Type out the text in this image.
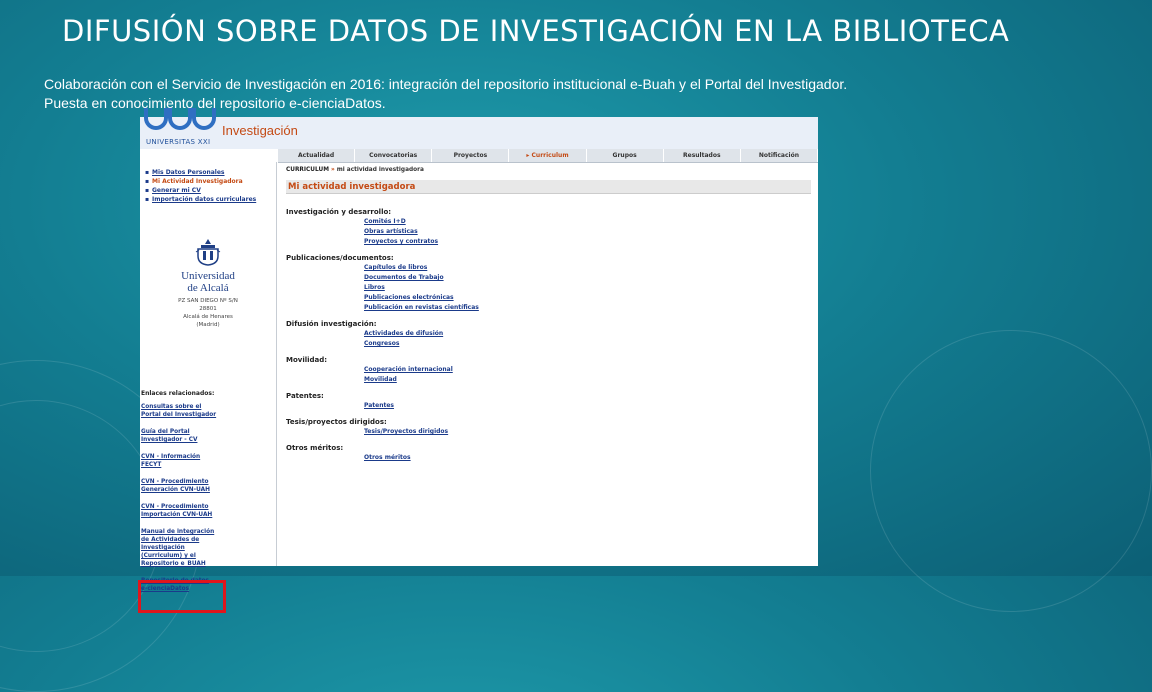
DIFUSIÓN SOBRE DATOS DE INVESTIGACIÓN EN LA BIBLIOTECA

Colaboración con el Servicio de Investigación en 2016: integración del repositorio institucional e-Buah y el Portal del Investigador. Puesta en conocimiento del repositorio e-cienciaDatos.

UNIVERSITAS XXI
Investigación
Actualidad	Convocatorias	Proyectos	▸ Curriculum	Grupos	Resultados	Notificación
▪ Mis Datos Personales
▪ Mi Actividad Investigadora
▪ Generar mi CV
▪ Importación datos curriculares
Universidad
de Alcalá
PZ SAN DIEGO Nº S/N
28801
Alcalá de Henares
(Madrid)
Enlaces relacionados:
Consultas sobre el
Portal del Investigador
Guía del Portal
Investigador - CV
CVN - Información
FECYT
CVN - Procedimiento
Generación CVN-UAH
CVN - Procedimiento
Importación CVN-UAH
Manual de integración
de Actividades de
Investigación
(Curriculum) y el
Repositorio e_BUAH
Repositorio de datos
e-cienciaDatos
CURRICULUM » mi actividad investigadora
Mi actividad investigadora
Investigación y desarrollo:
Comités I+D
Obras artísticas
Proyectos y contratos
Publicaciones/documentos:
Capítulos de libros
Documentos de Trabajo
Libros
Publicaciones electrónicas
Publicación en revistas científicas
Difusión investigación:
Actividades de difusión
Congresos
Movilidad:
Cooperación internacional
Movilidad
Patentes:
Patentes
Tesis/proyectos dirigidos:
Tesis/Proyectos dirigidos
Otros méritos:
Otros méritos
